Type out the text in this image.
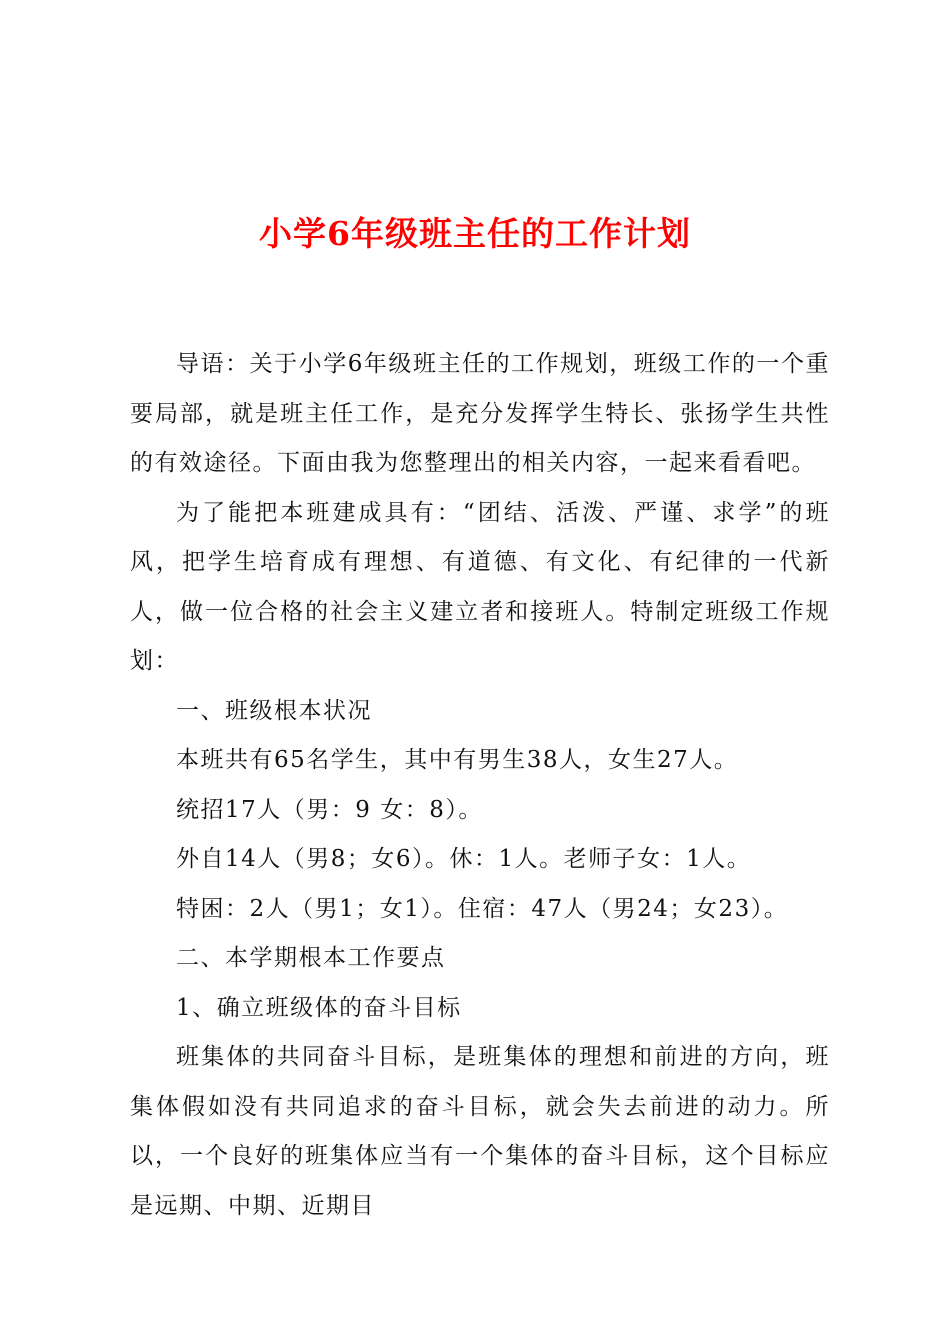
小学6年级班主任的工作计划

导语：关于小学6年级班主任的工作规划，班级工作的一个重要局部，就是班主任工作，是充分发挥学生特长、张扬学生共性的有效途径。下面由我为您整理出的相关内容，一起来看看吧。

为了能把本班建成具有：“团结、活泼、严谨、求学”的班风，把学生培育成有理想、有道德、有文化、有纪律的一代新人，做一位合格的社会主义建立者和接班人。特制定班级工作规划：

一、班级根本状况

本班共有65名学生，其中有男生38人，女生27人。

统招17人（男：9 女：8）。

外自14人（男8；女6）。休：1人。老师子女：1人。

特困：2人（男1；女1）。住宿：47人（男24；女23）。

二、本学期根本工作要点

1、确立班级体的奋斗目标

班集体的共同奋斗目标，是班集体的理想和前进的方向，班集体假如没有共同追求的奋斗目标，就会失去前进的动力。所以，一个良好的班集体应当有一个集体的奋斗目标，这个目标应是远期、中期、近期目
